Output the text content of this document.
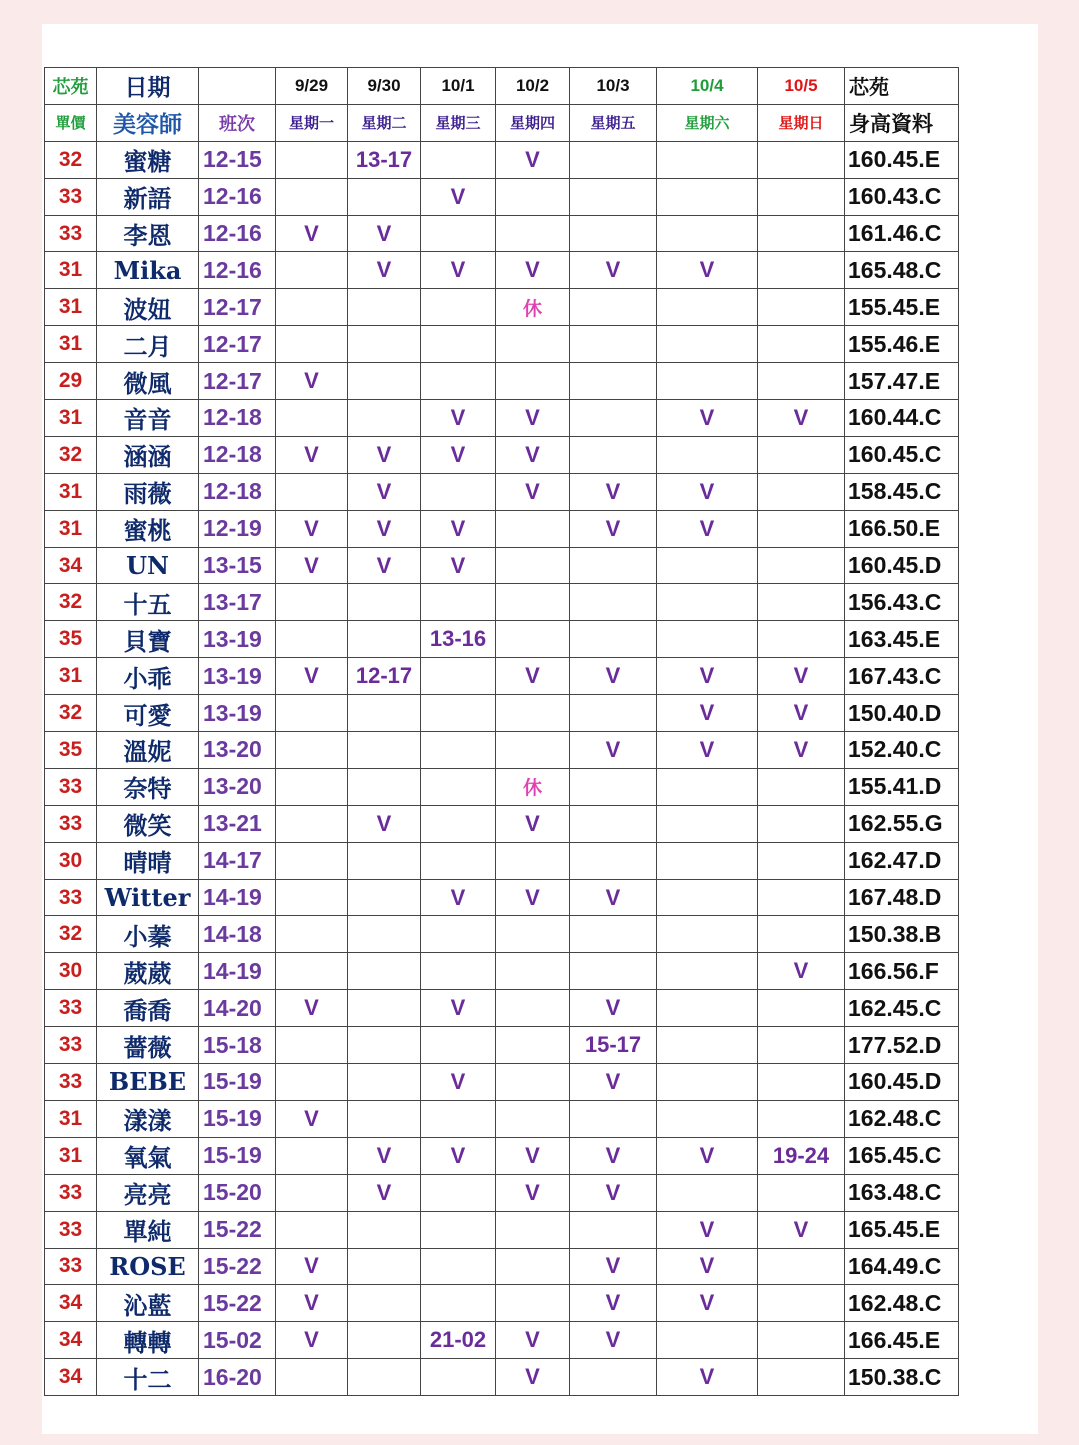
芯苑	日期		9/29	9/30	10/1	10/2	10/3	10/4	10/5	芯苑
單價	美容師	班次	星期一	星期二	星期三	星期四	星期五	星期六	星期日	身高資料
32	蜜糖	12-15		13-17		V				160.45.E
33	新語	12-16			V					160.43.C
33	李恩	12-16	V	V						161.46.C
31	Mika	12-16		V	V	V	V	V		165.48.C
31	波妞	12-17				休				155.45.E
31	二月	12-17								155.46.E
29	微風	12-17	V							157.47.E
31	音音	12-18			V	V		V	V	160.44.C
32	涵涵	12-18	V	V	V	V				160.45.C
31	雨薇	12-18		V		V	V	V		158.45.C
31	蜜桃	12-19	V	V	V		V	V		166.50.E
34	UN	13-15	V	V	V					160.45.D
32	十五	13-17								156.43.C
35	貝寶	13-19			13-16					163.45.E
31	小乖	13-19	V	12-17		V	V	V	V	167.43.C
32	可愛	13-19						V	V	150.40.D
35	溫妮	13-20					V	V	V	152.40.C
33	奈特	13-20				休				155.41.D
33	微笑	13-21		V		V				162.55.G
30	晴晴	14-17								162.47.D
33	Witter	14-19			V	V	V			167.48.D
32	小蓁	14-18								150.38.B
30	葳葳	14-19							V	166.56.F
33	喬喬	14-20	V		V		V			162.45.C
33	薔薇	15-18					15-17			177.52.D
33	BEBE	15-19			V		V			160.45.D
31	漾漾	15-19	V							162.48.C
31	氧氣	15-19		V	V	V	V	V	19-24	165.45.C
33	亮亮	15-20		V		V	V			163.48.C
33	單純	15-22						V	V	165.45.E
33	ROSE	15-22	V				V	V		164.49.C
34	沁藍	15-22	V				V	V		162.48.C
34	轉轉	15-02	V		21-02	V	V			166.45.E
34	十二	16-20				V		V		150.38.C
